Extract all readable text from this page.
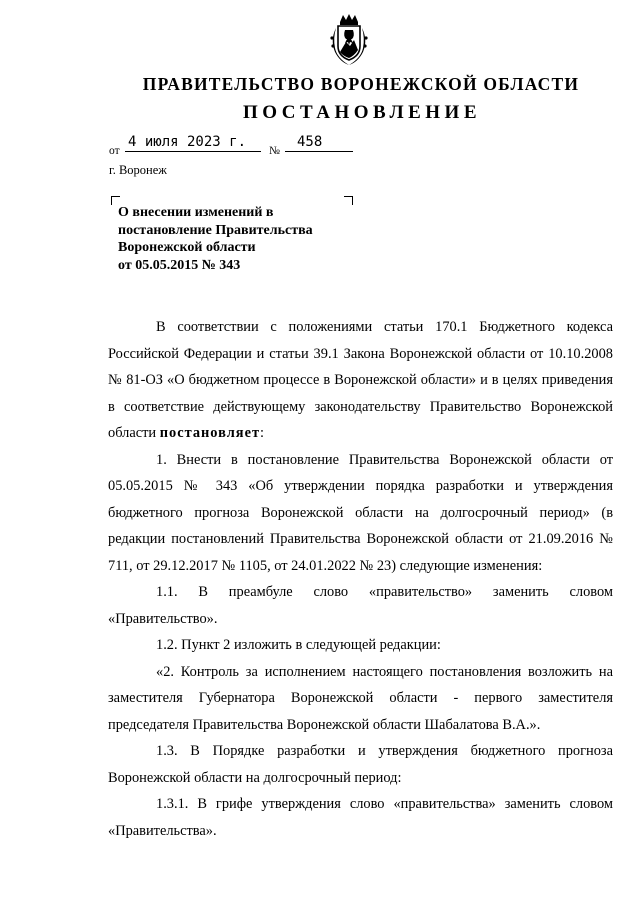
ПРАВИТЕЛЬСТВО ВОРОНЕЖСКОЙ ОБЛАСТИ
ПОСТАНОВЛЕНИЕ
от
4 июля 2023 г.
№
458
г. Воронеж
О внесении изменений в
постановление Правительства
Воронежской области
от 05.05.2015 № 343

В соответствии с положениями статьи 170.1 Бюджетного кодекса Российской Федерации и статьи 39.1 Закона Воронежской области от 10.10.2008 № 81-ОЗ «О бюджетном процессе в Воронежской области» и в целях приведения в соответствие действующему законодательству Правительство Воронежской области постановляет:

1. Внести в постановление Правительства Воронежской области от 05.05.2015 № 343 «Об утверждении порядка разработки и утверждения бюджетного прогноза Воронежской области на долгосрочный период» (в редакции постановлений Правительства Воронежской области от 21.09.2016 № 711, от 29.12.2017 № 1105, от 24.01.2022 № 23) следующие изменения:

1.1. В преамбуле слово «правительство» заменить словом «Правительство».

1.2. Пункт 2 изложить в следующей редакции:

«2. Контроль за исполнением настоящего постановления возложить на заместителя Губернатора Воронежской области - первого заместителя председателя Правительства Воронежской области Шабалатова В.А.».

1.3. В Порядке разработки и утверждения бюджетного прогноза Воронежской области на долгосрочный период:

1.3.1. В грифе утверждения слово «правительства» заменить словом «Правительства».
